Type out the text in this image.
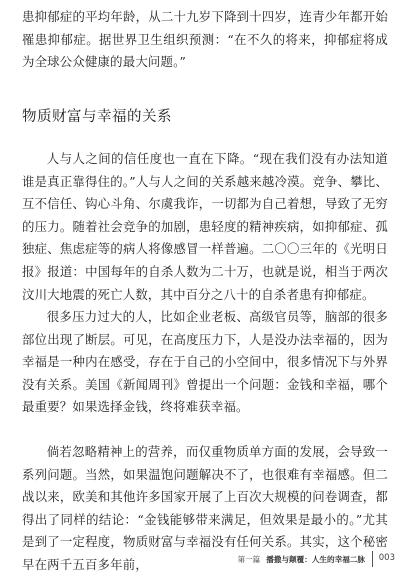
患抑郁症的平均年龄，从二十九岁下降到十四岁，连青少年都开始罹患抑郁症。据世界卫生组织预测：“在不久的将来，抑郁症将成为全球公众健康的最大问题。”

物质财富与幸福的关系

人与人之间的信任度也一直在下降。“现在我们没有办法知道谁是真正靠得住的。”人与人之间的关系越来越冷漠。竞争、攀比、互不信任、钩心斗角、尔虞我诈，一切都为自己着想，导致了无穷的压力。随着社会竞争的加剧，患轻度的精神疾病，如抑郁症、孤独症、焦虑症等的病人将像感冒一样普遍。二〇〇三年的《光明日报》报道：中国每年的自杀人数为二十万，也就是说，相当于两次汶川大地震的死亡人数，其中百分之八十的自杀者患有抑郁症。

很多压力过大的人，比如企业老板、高级官员等，脑部的很多部位出现了断层。可见，在高度压力下，人是没办法幸福的，因为幸福是一种内在感受，存在于自己的小空间中，很多情况下与外界没有关系。美国《新闻周刊》曾提出一个问题：金钱和幸福，哪个最重要？如果选择金钱，终将难获幸福。

倘若忽略精神上的营养，而仅重物质单方面的发展，会导致一系列问题。当然，如果温饱问题解决不了，也很难有幸福感。但二战以来，欧美和其他许多国家开展了上百次大规模的问卷调查，都得出了同样的结论：“金钱能够带来满足，但效果是最小的。”尤其是到了一定程度，物质财富与幸福没有任何关系。其实，这个秘密早在两千五百多年前，	第一篇 播撒与颠覆：人生的幸福二脉 003
